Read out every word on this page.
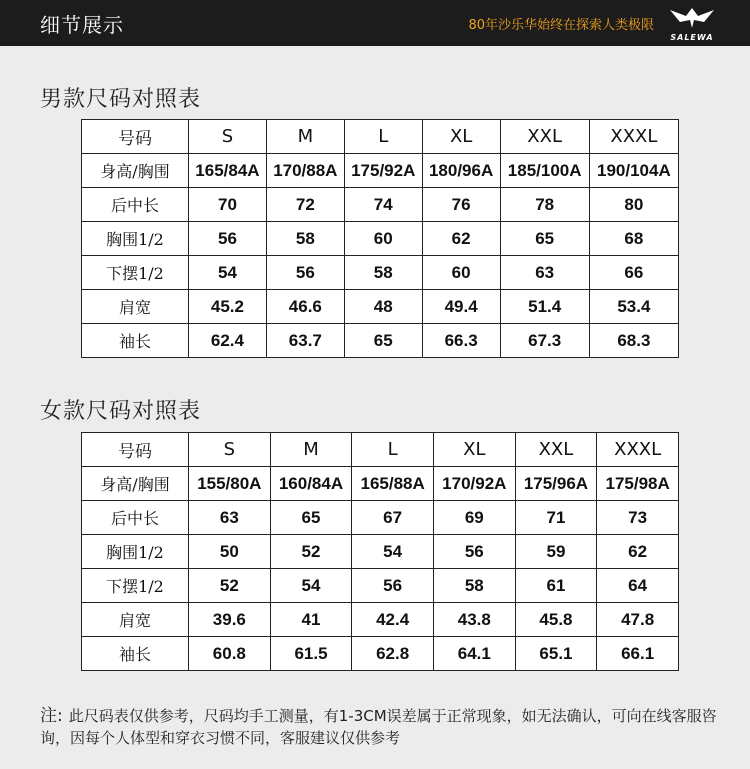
细节展示	80年沙乐华始终在探索人类极限
SALEWA
男款尺码对照表
号码	S	M	L	XL	XXL	XXXL
身高/胸围	165/84A	170/88A	175/92A	180/96A	185/100A	190/104A
后中长	70	72	74	76	78	80
胸围1/2	56	58	60	62	65	68
下摆1/2	54	56	58	60	63	66
肩宽	45.2	46.6	48	49.4	51.4	53.4
袖长	62.4	63.7	65	66.3	67.3	68.3
女款尺码对照表
号码	S	M	L	XL	XXL	XXXL
身高/胸围	155/80A	160/84A	165/88A	170/92A	175/96A	175/98A
后中长	63	65	67	69	71	73
胸围1/2	50	52	54	56	59	62
下摆1/2	52	54	56	58	61	64
肩宽	39.6	41	42.4	43.8	45.8	47.8
袖长	60.8	61.5	62.8	64.1	65.1	66.1
注: 此尺码表仅供参考，尺码均手工测量，有1-3CM误差属于正常现象，如无法确认，可向在线客服咨询，因每个人体型和穿衣习惯不同，客服建议仅供参考
